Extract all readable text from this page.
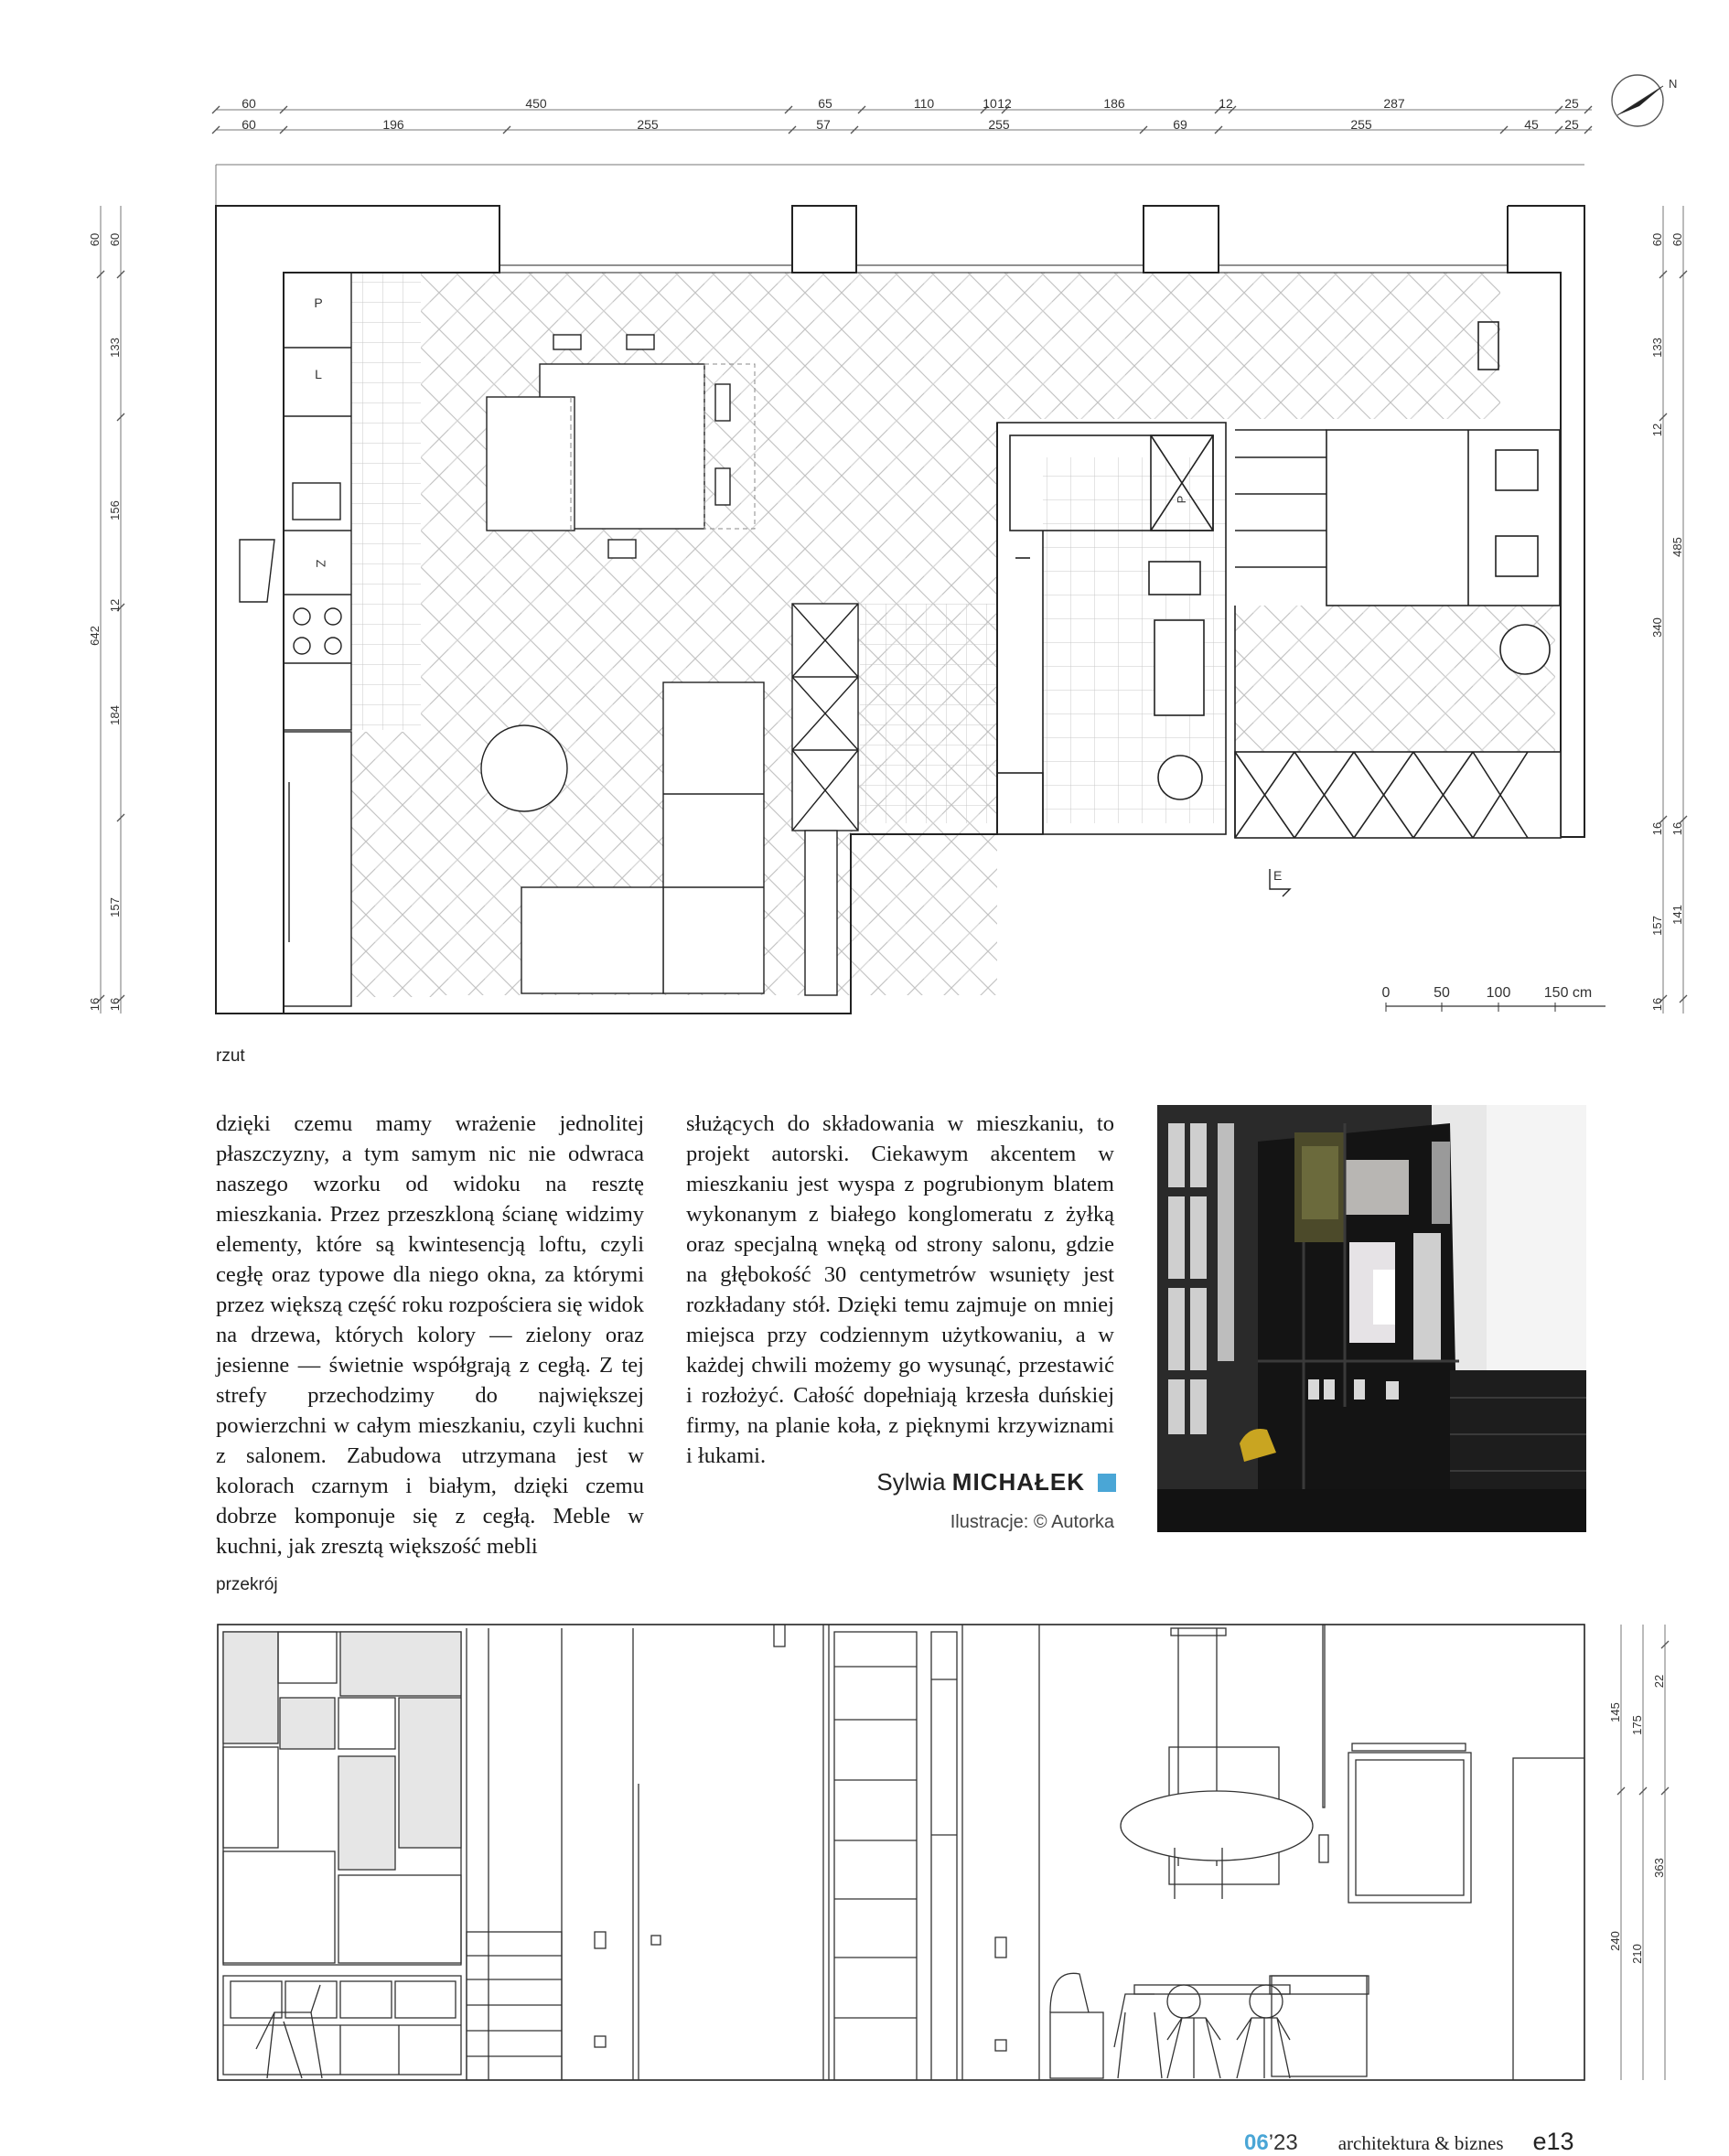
60	450	65	110	10 12	186	12	287	25
60	196	255	57	255	69	255	45 25
N
60
642
16
60
133
156
12
184
157
16
60
133
12
340
16
157
16
60
485
16
141
P
L
Z
P
E
0	50 100 150 cm
rzut

dzięki czemu mamy wrażenie jednolitej płaszczyzny, a tym samym nic nie odwraca naszego wzorku od widoku na resztę mieszkania. Przez przeszkloną ścianę widzimy elementy, które są kwintesencją loftu, czyli cegłę oraz typowe dla niego okna, za którymi przez większą część roku rozpościera się widok na drzewa, których kolory — zielony oraz jesienne — świetnie współgrają z cegłą. Z tej strefy przechodzimy do największej powierzchni w całym mieszkaniu, czyli kuchni z salonem. Zabudowa utrzymana jest w kolorach czarnym i białym, dzięki czemu dobrze komponuje się z cegłą. Meble w kuchni, jak zresztą większość mebli

służących do składowania w mieszkaniu, to projekt autorski. Ciekawym akcentem w mieszkaniu jest wyspa z pogrubionym blatem wykonanym z białego konglomeratu z żyłką oraz specjalną wnęką od strony salonu, gdzie na głębokość 30 centymetrów wsunięty jest rozkładany stół. Dzięki temu zajmuje on mniej miejsca przy codziennym użytkowaniu, a w każdej chwili możemy go wysunąć, przestawić i rozłożyć. Całość dopełniają krzesła duńskiej firmy, na planie koła, z pięknymi krzywiznami i łukami.

Sylwia MICHAŁEK
Ilustracje: © Autorka
przekrój
22
145
175
363
240
210
06’23 architektura & biznes e13
